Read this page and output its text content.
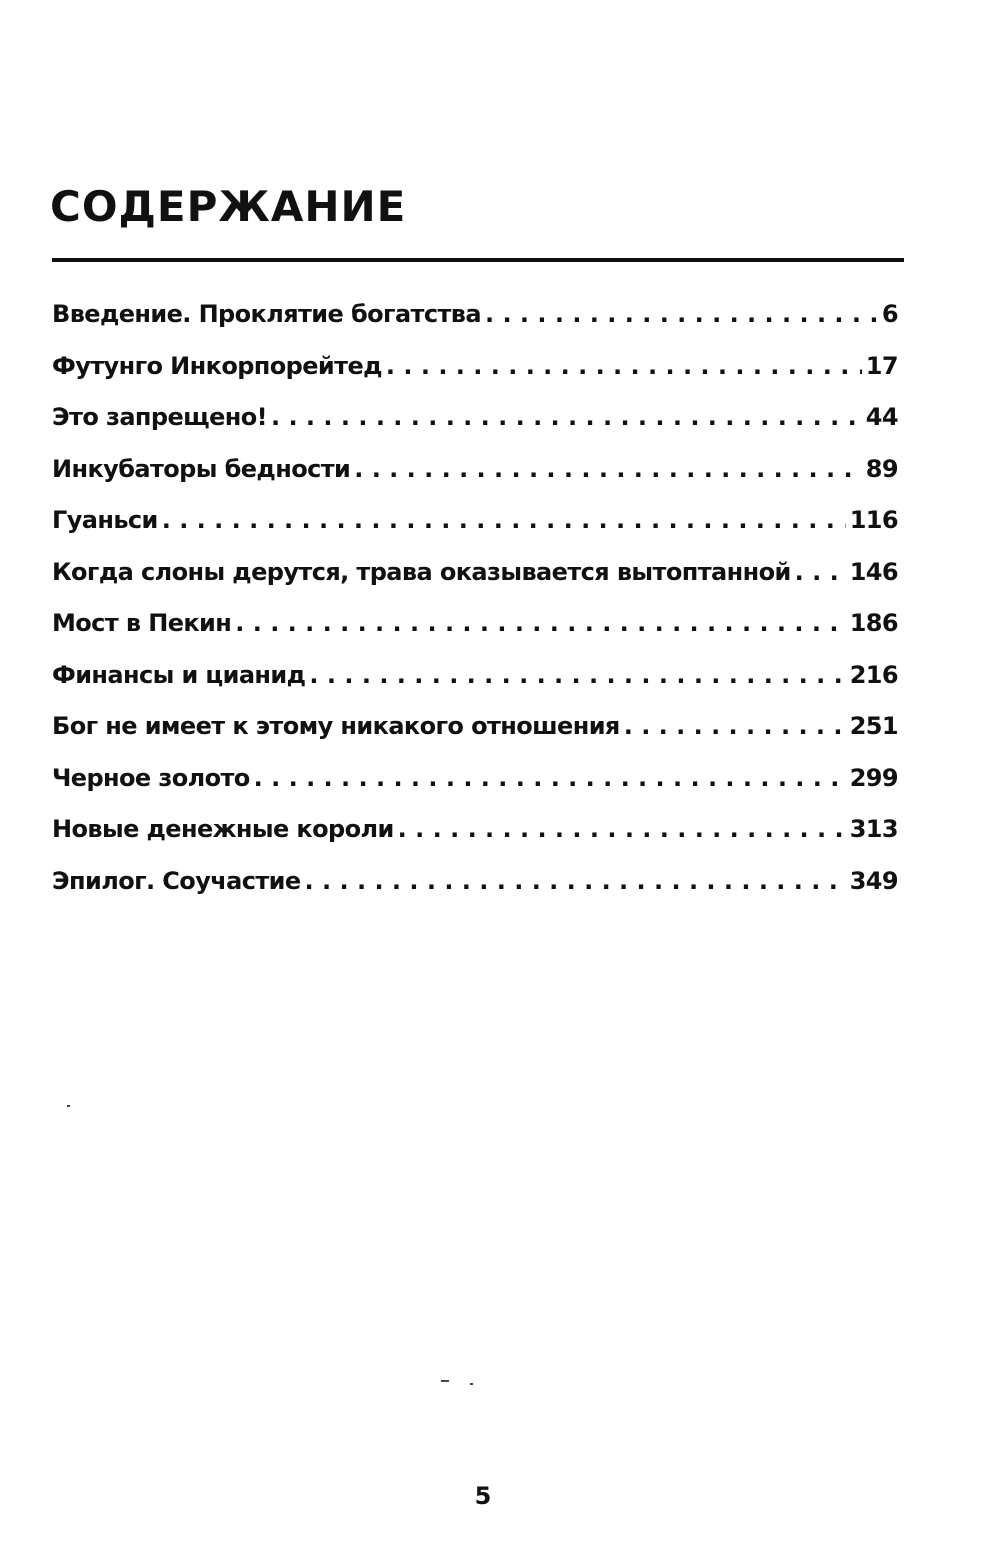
СОДЕРЖАНИЕ
Введение. Проклятие богатства . . .	6
Футунго Инкорпорейтед . . .	17
Это запрещено! . . .	44
Инкубаторы бедности . . .	89
Гуаньси . . .	116
Когда слоны дерутся, трава оказывается вытоптанной . . . 146
Мост в Пекин . . .	186
Финансы и цианид . . .	216
Бог не имеет к этому никакого отношения . . .	251
Черное золото . . .	299
Новые денежные короли . . .	313
Эпилог. Соучастие . . .	349
5
